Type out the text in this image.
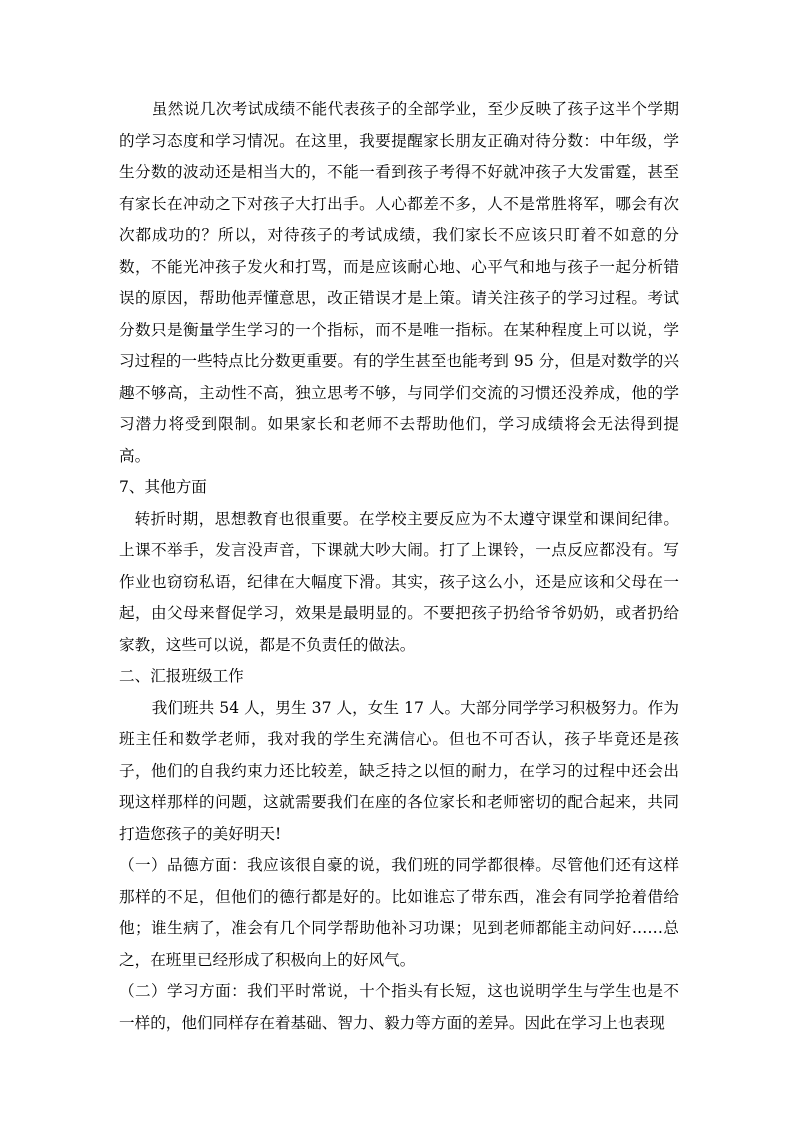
虽然说几次考试成绩不能代表孩子的全部学业，至少反映了孩子这半个学期的学习态度和学习情况。在这里，我要提醒家长朋友正确对待分数：中年级，学生分数的波动还是相当大的，不能一看到孩子考得不好就冲孩子大发雷霆，甚至有家长在冲动之下对孩子大打出手。人心都差不多，人不是常胜将军，哪会有次次都成功的？所以，对待孩子的考试成绩，我们家长不应该只盯着不如意的分数，不能光冲孩子发火和打骂，而是应该耐心地、心平气和地与孩子一起分析错误的原因，帮助他弄懂意思，改正错误才是上策。请关注孩子的学习过程。考试分数只是衡量学生学习的一个指标，而不是唯一指标。在某种程度上可以说，学习过程的一些特点比分数更重要。有的学生甚至也能考到 95 分，但是对数学的兴趣不够高，主动性不高，独立思考不够，与同学们交流的习惯还没养成，他的学习潜力将受到限制。如果家长和老师不去帮助他们，学习成绩将会无法得到提高。

7、其他方面

转折时期，思想教育也很重要。在学校主要反应为不太遵守课堂和课间纪律。上课不举手，发言没声音，下课就大吵大闹。打了上课铃，一点反应都没有。写作业也窃窃私语，纪律在大幅度下滑。其实，孩子这么小，还是应该和父母在一起，由父母来督促学习，效果是最明显的。不要把孩子扔给爷爷奶奶，或者扔给家教，这些可以说，都是不负责任的做法。

二、汇报班级工作

我们班共 54 人，男生 37 人，女生 17 人。大部分同学学习积极努力。作为班主任和数学老师，我对我的学生充满信心。但也不可否认，孩子毕竟还是孩子，他们的自我约束力还比较差，缺乏持之以恒的耐力，在学习的过程中还会出现这样那样的问题，这就需要我们在座的各位家长和老师密切的配合起来，共同打造您孩子的美好明天!

（一）品德方面：我应该很自豪的说，我们班的同学都很棒。尽管他们还有这样那样的不足，但他们的德行都是好的。比如谁忘了带东西，准会有同学抢着借给他；谁生病了，准会有几个同学帮助他补习功课；见到老师都能主动问好……总之，在班里已经形成了积极向上的好风气。

（二）学习方面：我们平时常说，十个指头有长短，这也说明学生与学生也是不一样的，他们同样存在着基础、智力、毅力等方面的差异。因此在学习上也表现
